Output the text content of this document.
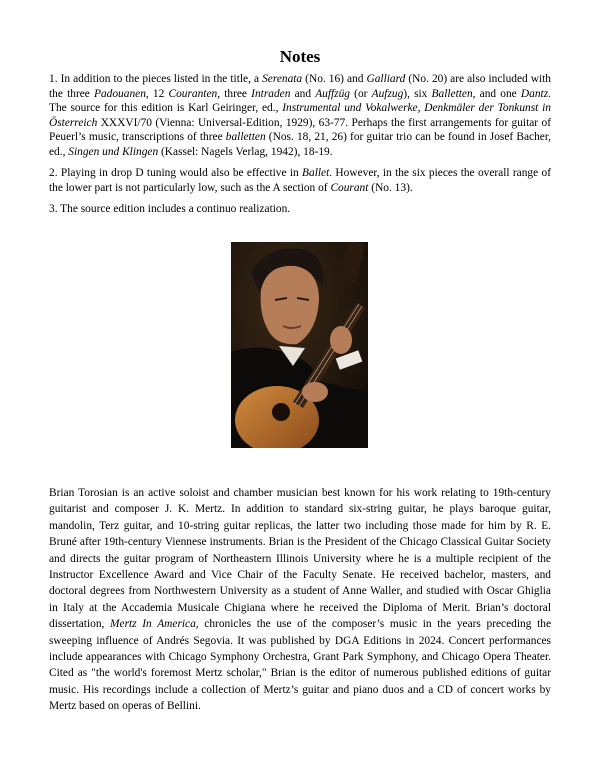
Notes

1. In addition to the pieces listed in the title, a Serenata (No. 16) and Galliard (No. 20) are also included with the three Padouanen, 12 Couranten, three Intraden and Auffzüg (or Aufzug), six Balletten, and one Dantz. The source for this edition is Karl Geiringer, ed., Instrumental und Vokalwerke, Denkmäler der Tonkunst in Österreich XXXVI/70 (Vienna: Universal-Edition, 1929), 63-77. Perhaps the first arrangements for guitar of Peuerl’s music, transcriptions of three balletten (Nos. 18, 21, 26) for guitar trio can be found in Josef Bacher, ed., Singen und Klingen (Kassel: Nagels Verlag, 1942), 18-19.

2. Playing in drop D tuning would also be effective in Ballet. However, in the six pieces the overall range of the lower part is not particularly low, such as the A section of Courant (No. 13).

3. The source edition includes a continuo realization.

Brian Torosian is an active soloist and chamber musician best known for his work relating to 19th-century guitarist and composer J. K. Mertz. In addition to standard six-string guitar, he plays baroque guitar, mandolin, Terz guitar, and 10-string guitar replicas, the latter two including those made for him by R. E. Bruné after 19th-century Viennese instruments. Brian is the President of the Chicago Classical Guitar Society and directs the guitar program of Northeastern Illinois University where he is a multiple recipient of the Instructor Excellence Award and Vice Chair of the Faculty Senate. He received bachelor, masters, and doctoral degrees from Northwestern University as a student of Anne Waller, and studied with Oscar Ghiglia in Italy at the Accademia Musicale Chigiana where he received the Diploma of Merit. Brian’s doctoral dissertation, Mertz In America, chronicles the use of the composer’s music in the years preceding the sweeping influence of Andrés Segovia. It was published by DGA Editions in 2024. Concert performances include appearances with Chicago Symphony Orchestra, Grant Park Symphony, and Chicago Opera Theater. Cited as "the world's foremost Mertz scholar," Brian is the editor of numerous published editions of guitar music. His recordings include a collection of Mertz’s guitar and piano duos and a CD of concert works by Mertz based on operas of Bellini.
